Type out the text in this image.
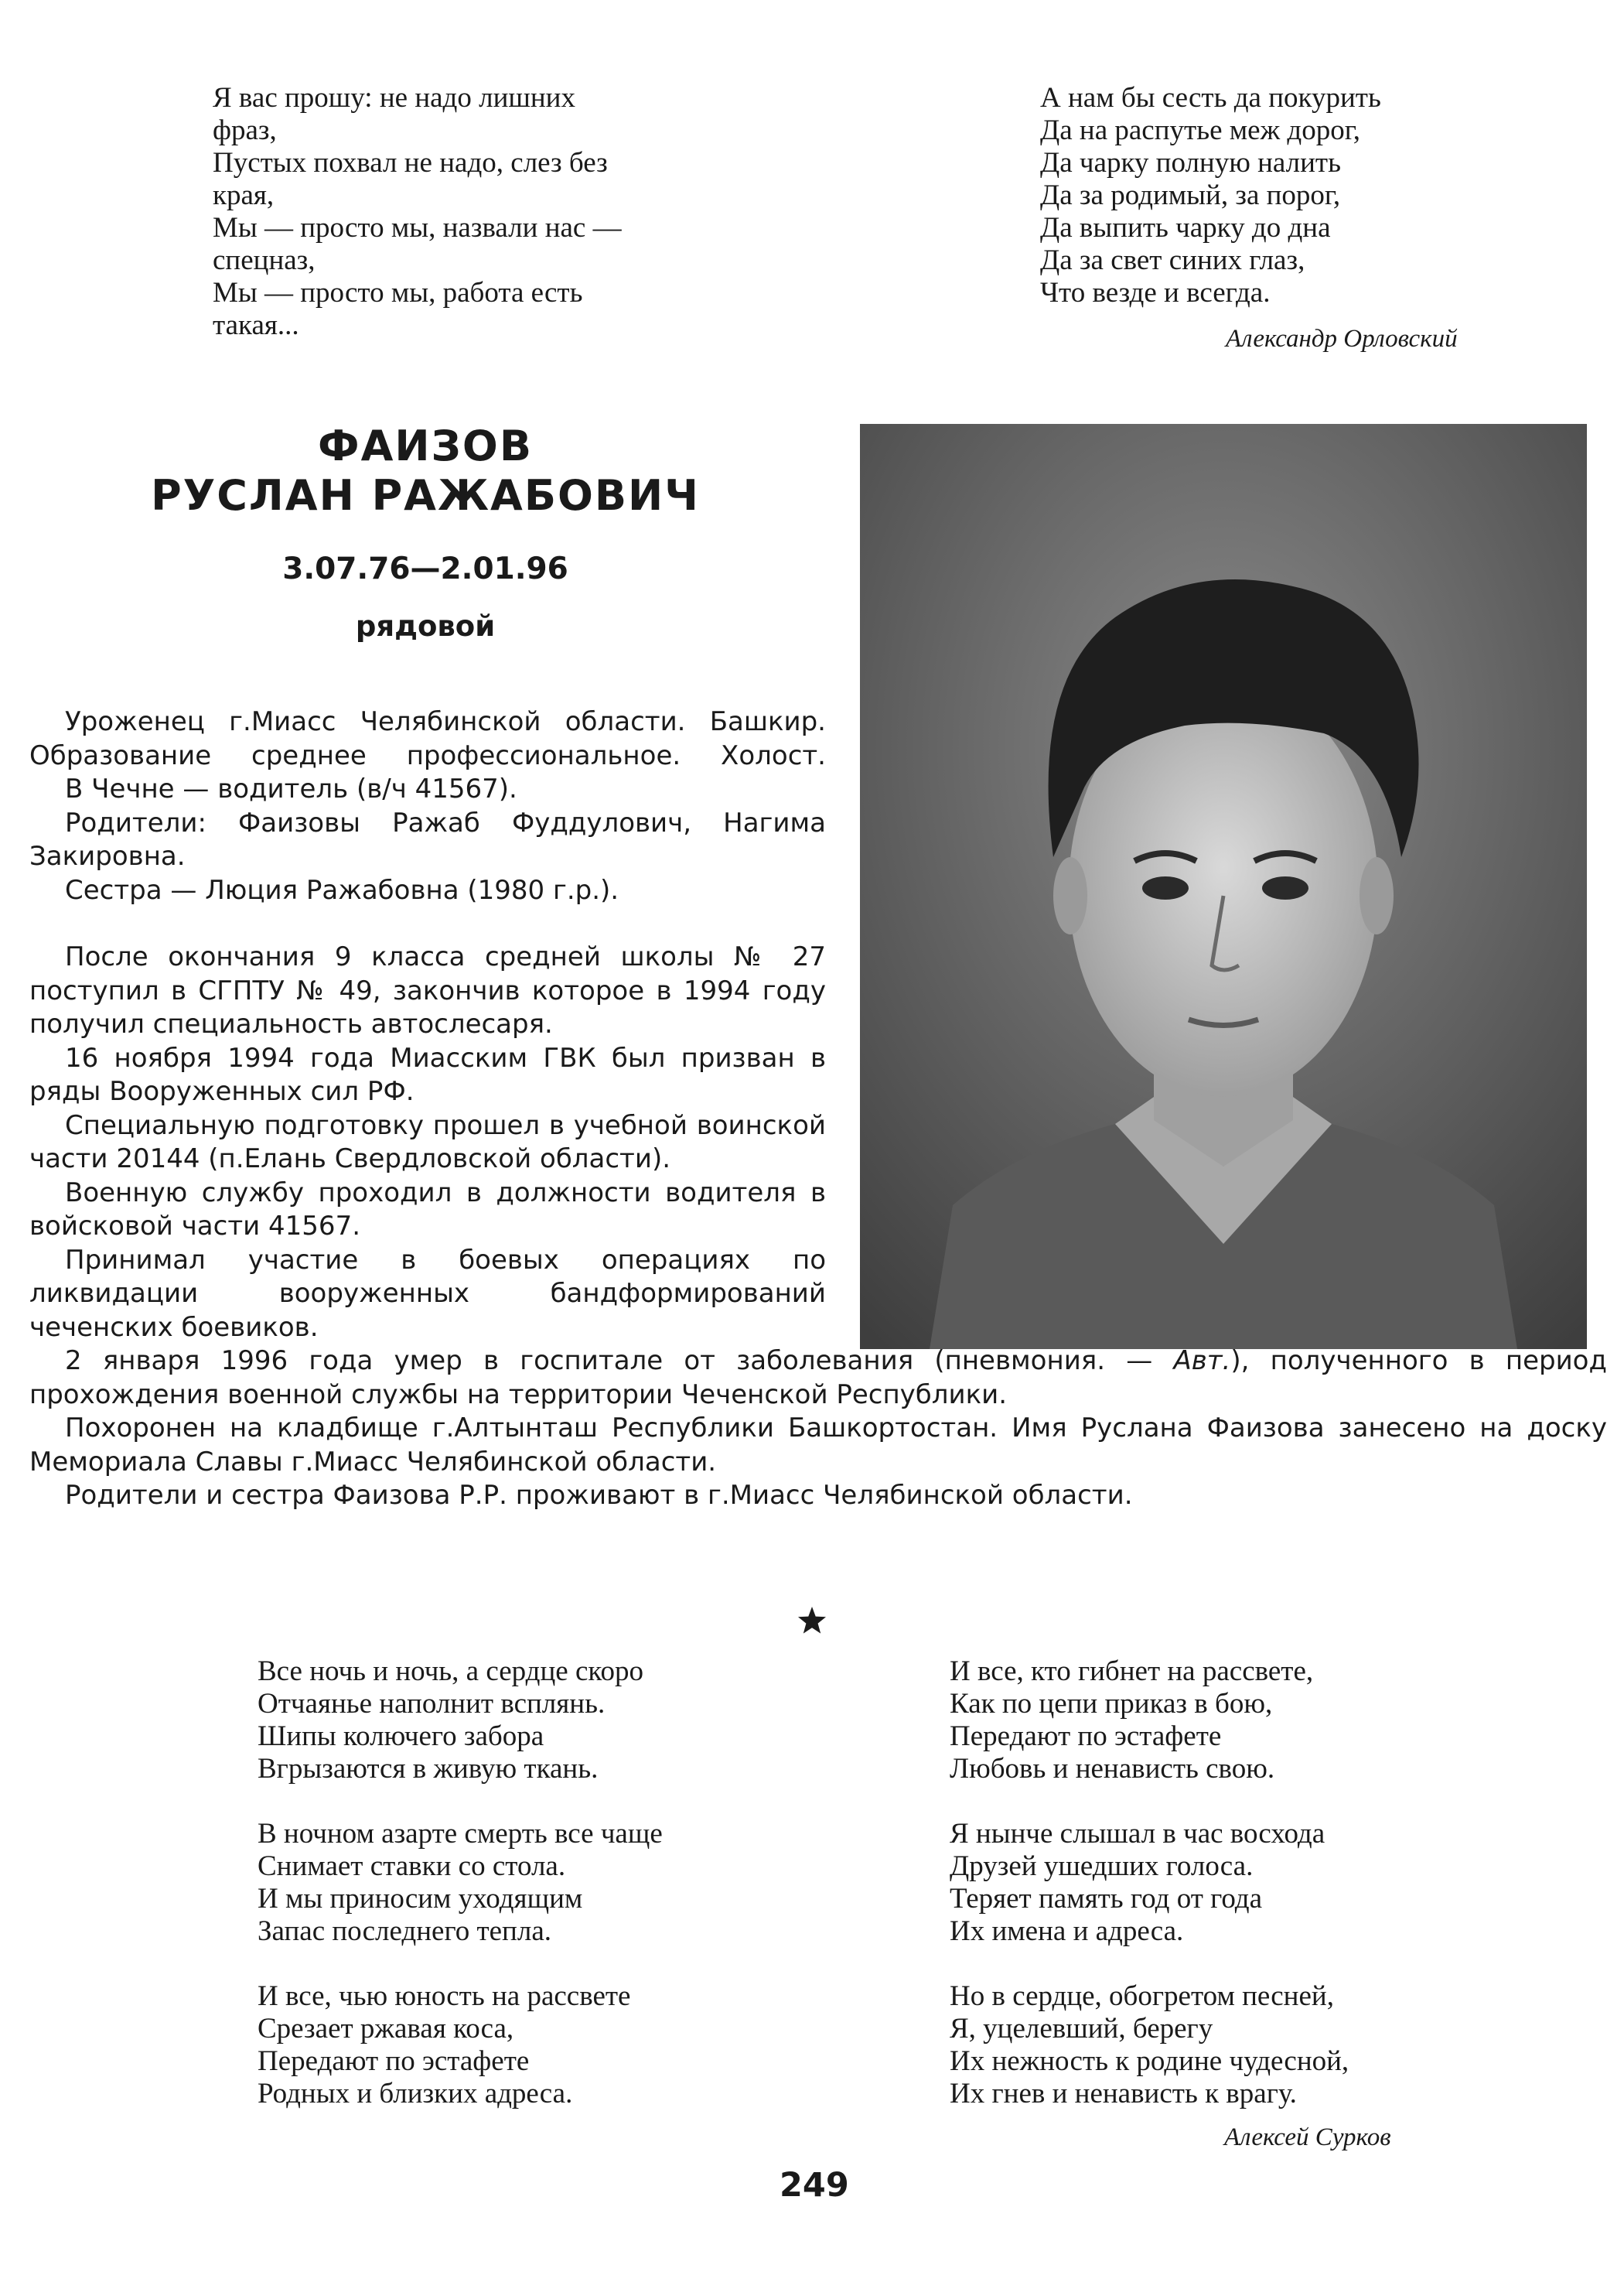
Я вас прошу: не надо лишних
фраз,
Пустых похвал не надо, слез без
края,
Мы — просто мы, назвали нас —
спецназ,
Мы — просто мы, работа есть
такая...
А нам бы сесть да покурить
Да на распутье меж дорог,
Да чарку полную налить
Да за родимый, за порог,
Да выпить чарку до дна
Да за свет синих глаз,
Что везде и всегда.
Александр Орловский
ФАИЗОВ
РУСЛАН РАЖАБОВИЧ
3.07.76—2.01.96
рядовой

Уроженец г.Миасс Челябинской области. Башкир. Образование среднее профессиональное. Холост.

В Чечне — водитель (в/ч 41567).

Родители: Фаизовы Ражаб Фуддулович, Нагима Закировна.

Сестра — Люция Ражабовна (1980 г.р.).

После окончания 9 класса средней школы № 27 поступил в СГПТУ № 49, закончив которое в 1994 году получил специальность автослесаря.

16 ноября 1994 года Миасским ГВК был призван в ряды Вооруженных сил РФ.

Специальную подготовку прошел в учебной воинской части 20144 (п.Елань Свердловской области).

Военную службу проходил в должности водителя в войсковой части 41567.

Принимал участие в боевых операциях по ликвидации вооруженных бандформирований чеченских боевиков.

2 января 1996 года умер в госпитале от заболевания (пневмония. — Авт.), полученного в период прохождения военной службы на территории Чеченской Республики.

Похоронен на кладбище г.Алтынташ Республики Башкортостан. Имя Руслана Фаизова занесено на доску Мемориала Славы г.Миасс Челябинской области.

Родители и сестра Фаизова Р.Р. проживают в г.Миасс Челябинской области.

Все ночь и ночь, а сердце скоро
Отчаянье наполнит всплянь.
Шипы колючего забора
Вгрызаются в живую ткань.
В ночном азарте смерть все чаще
Снимает ставки со стола.
И мы приносим уходящим
Запас последнего тепла.
И все, чью юность на рассвете
Срезает ржавая коса,
Передают по эстафете
Родных и близких адреса.
И все, кто гибнет на рассвете,
Как по цепи приказ в бою,
Передают по эстафете
Любовь и ненависть свою.
Я нынче слышал в час восхода
Друзей ушедших голоса.
Теряет память год от года
Их имена и адреса.
Но в сердце, обогретом песней,
Я, уцелевший, берегу
Их нежность к родине чудесной,
Их гнев и ненависть к врагу.
Алексей Сурков
249
